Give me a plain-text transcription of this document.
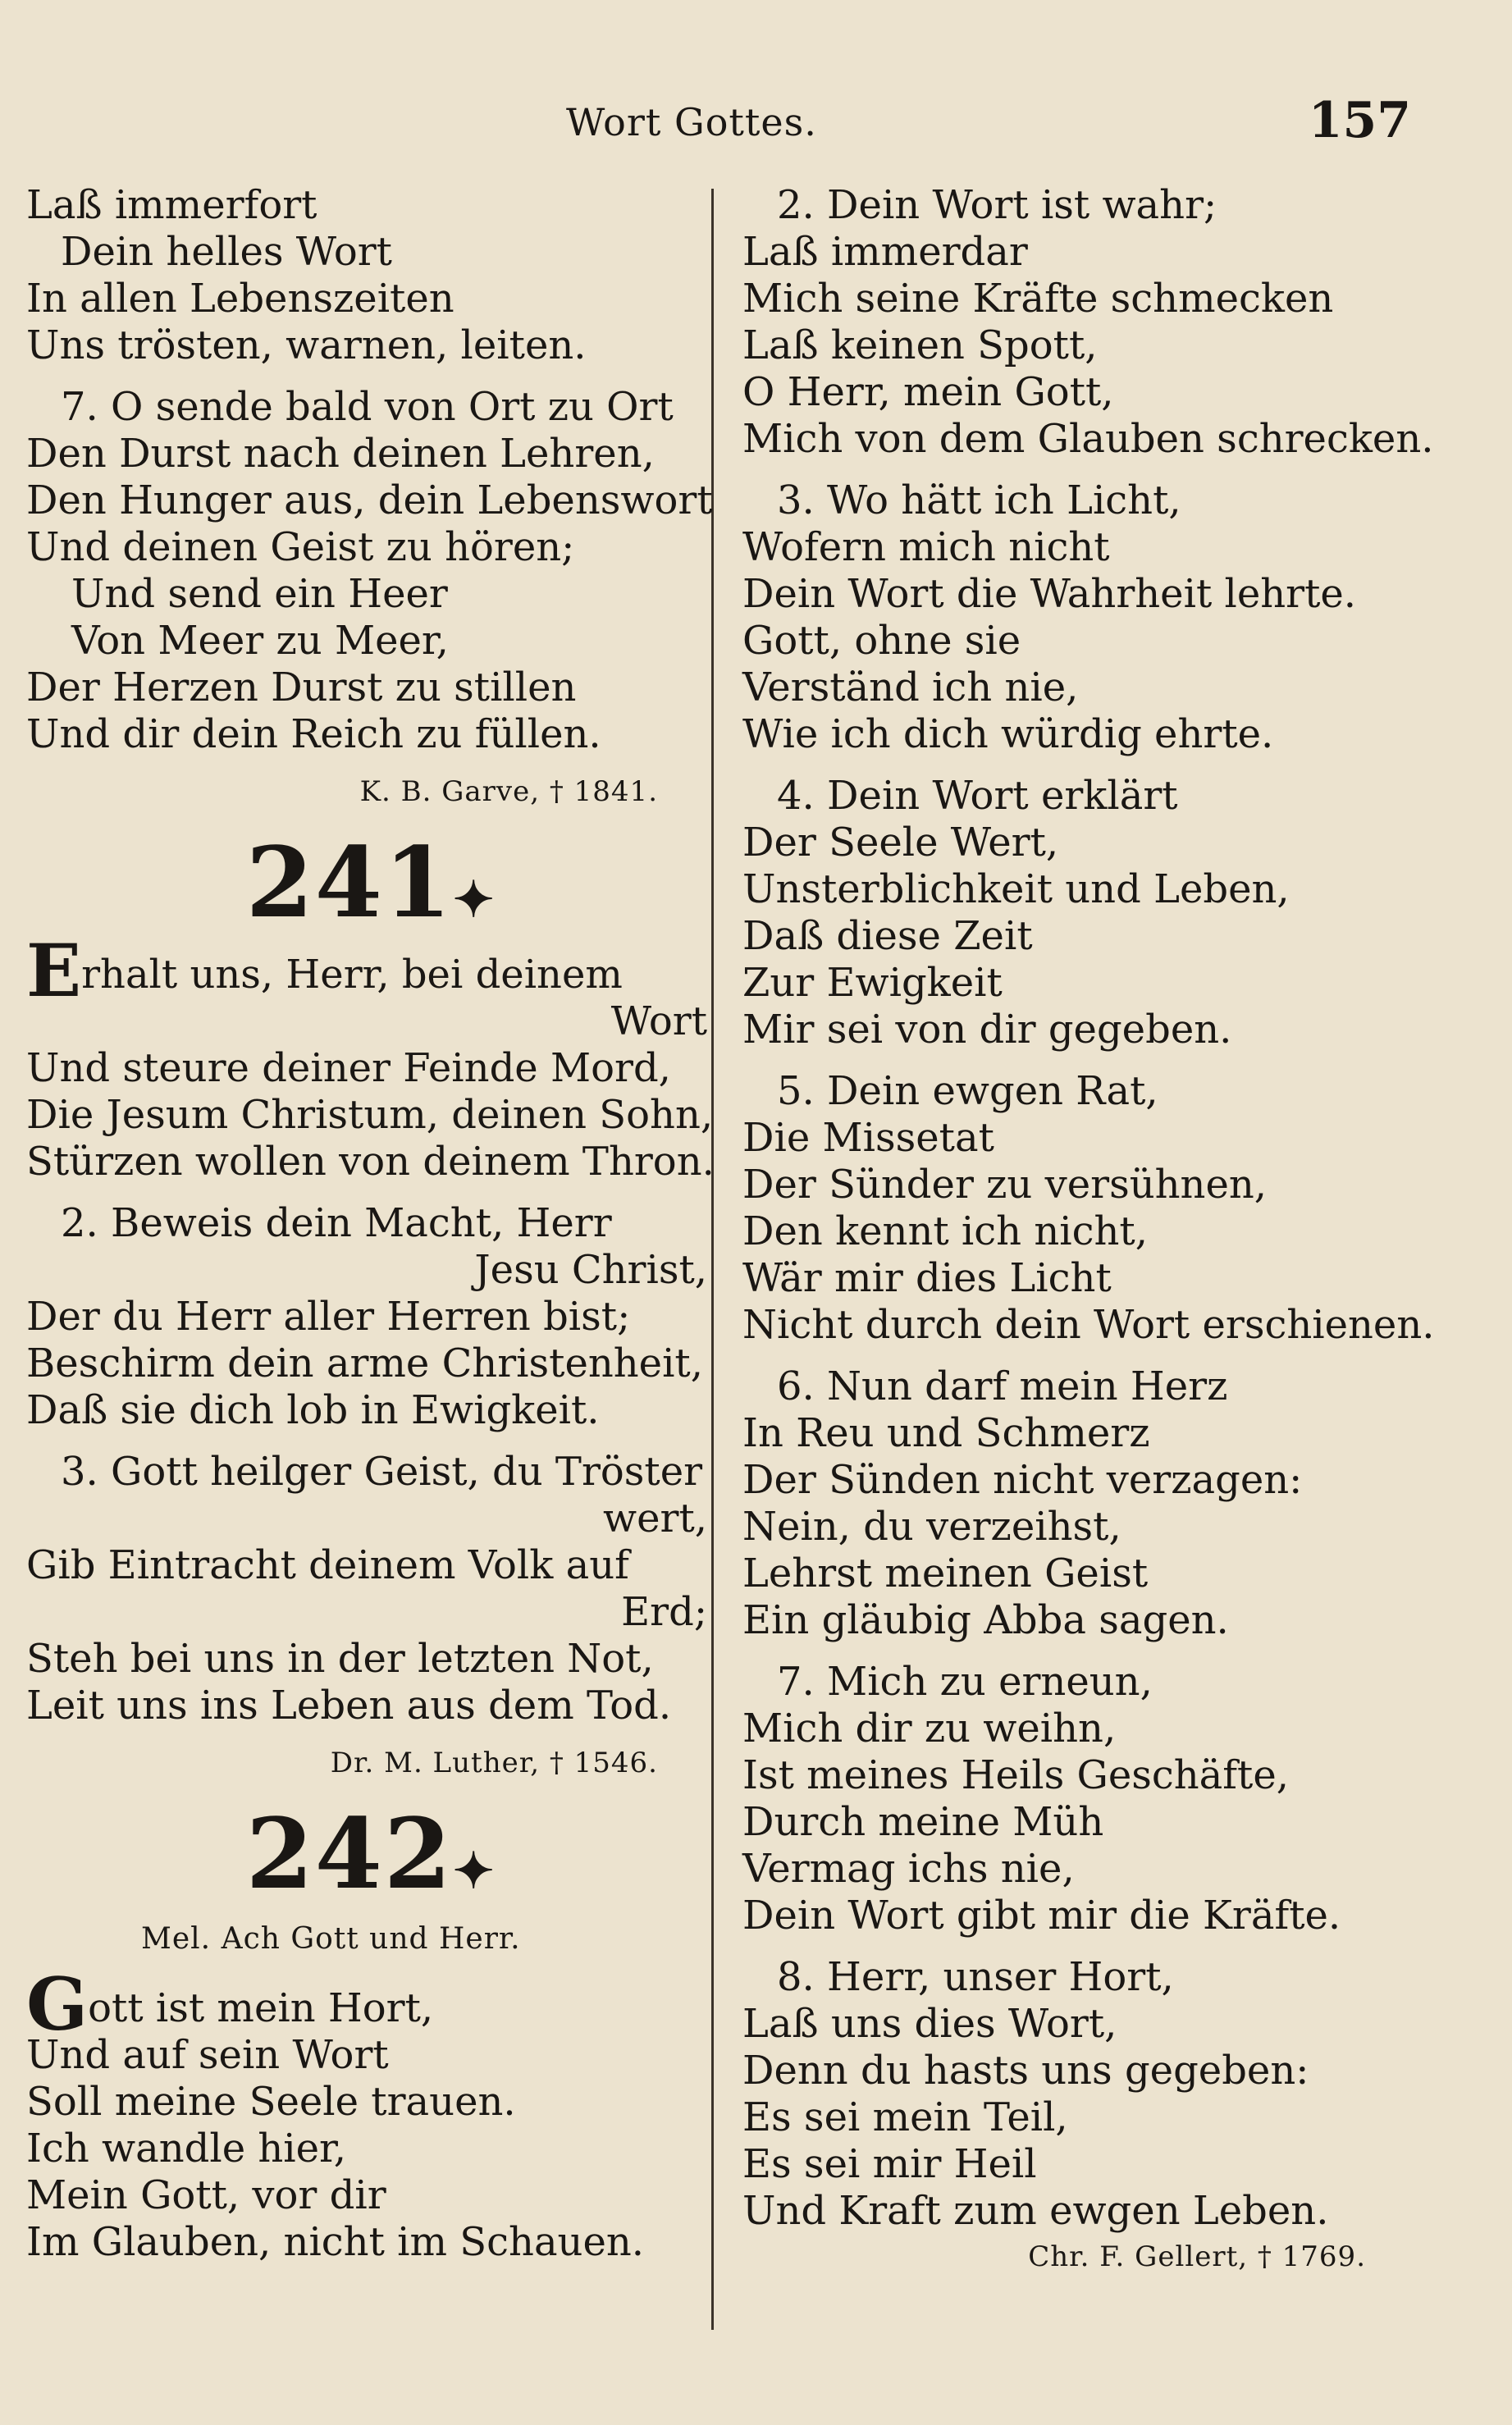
Wort Gottes.	157
Laß immerfort
Dein helles Wort
In allen Lebenszeiten
Uns trösten, warnen, leiten.
7. O sende bald von Ort zu Ort
Den Durst nach deinen Lehren,
Den Hunger aus, dein Lebenswort
Und deinen Geist zu hören;
Und send ein Heer
Von Meer zu Meer,
Der Herzen Durst zu stillen
Und dir dein Reich zu füllen.
K. B. Garve, † 1841.
241✦
Erhalt uns, Herr, bei deinem
Wort
Und steure deiner Feinde Mord,
Die Jesum Christum, deinen Sohn,
Stürzen wollen von deinem Thron.
2. Beweis dein Macht, Herr
Jesu Christ,
Der du Herr aller Herren bist;
Beschirm dein arme Christenheit,
Daß sie dich lob in Ewigkeit.
3. Gott heilger Geist, du Tröster
wert,
Gib Eintracht deinem Volk auf
Erd;
Steh bei uns in der letzten Not,
Leit uns ins Leben aus dem Tod.
Dr. M. Luther, † 1546.
242✦
Mel. Ach Gott und Herr.
Gott ist mein Hort,
Und auf sein Wort
Soll meine Seele trauen.
Ich wandle hier,
Mein Gott, vor dir
Im Glauben, nicht im Schauen.
2. Dein Wort ist wahr;
Laß immerdar
Mich seine Kräfte schmecken
Laß keinen Spott,
O Herr, mein Gott,
Mich von dem Glauben schrecken.
3. Wo hätt ich Licht,
Wofern mich nicht
Dein Wort die Wahrheit lehrte.
Gott, ohne sie
Verständ ich nie,
Wie ich dich würdig ehrte.
4. Dein Wort erklärt
Der Seele Wert,
Unsterblichkeit und Leben,
Daß diese Zeit
Zur Ewigkeit
Mir sei von dir gegeben.
5. Dein ewgen Rat,
Die Missetat
Der Sünder zu versühnen,
Den kennt ich nicht,
Wär mir dies Licht
Nicht durch dein Wort erschienen.
6. Nun darf mein Herz
In Reu und Schmerz
Der Sünden nicht verzagen:
Nein, du verzeihst,
Lehrst meinen Geist
Ein gläubig Abba sagen.
7. Mich zu erneun,
Mich dir zu weihn,
Ist meines Heils Geschäfte,
Durch meine Müh
Vermag ichs nie,
Dein Wort gibt mir die Kräfte.
8. Herr, unser Hort,
Laß uns dies Wort,
Denn du hasts uns gegeben:
Es sei mein Teil,
Es sei mir Heil
Und Kraft zum ewgen Leben.
Chr. F. Gellert, † 1769.
